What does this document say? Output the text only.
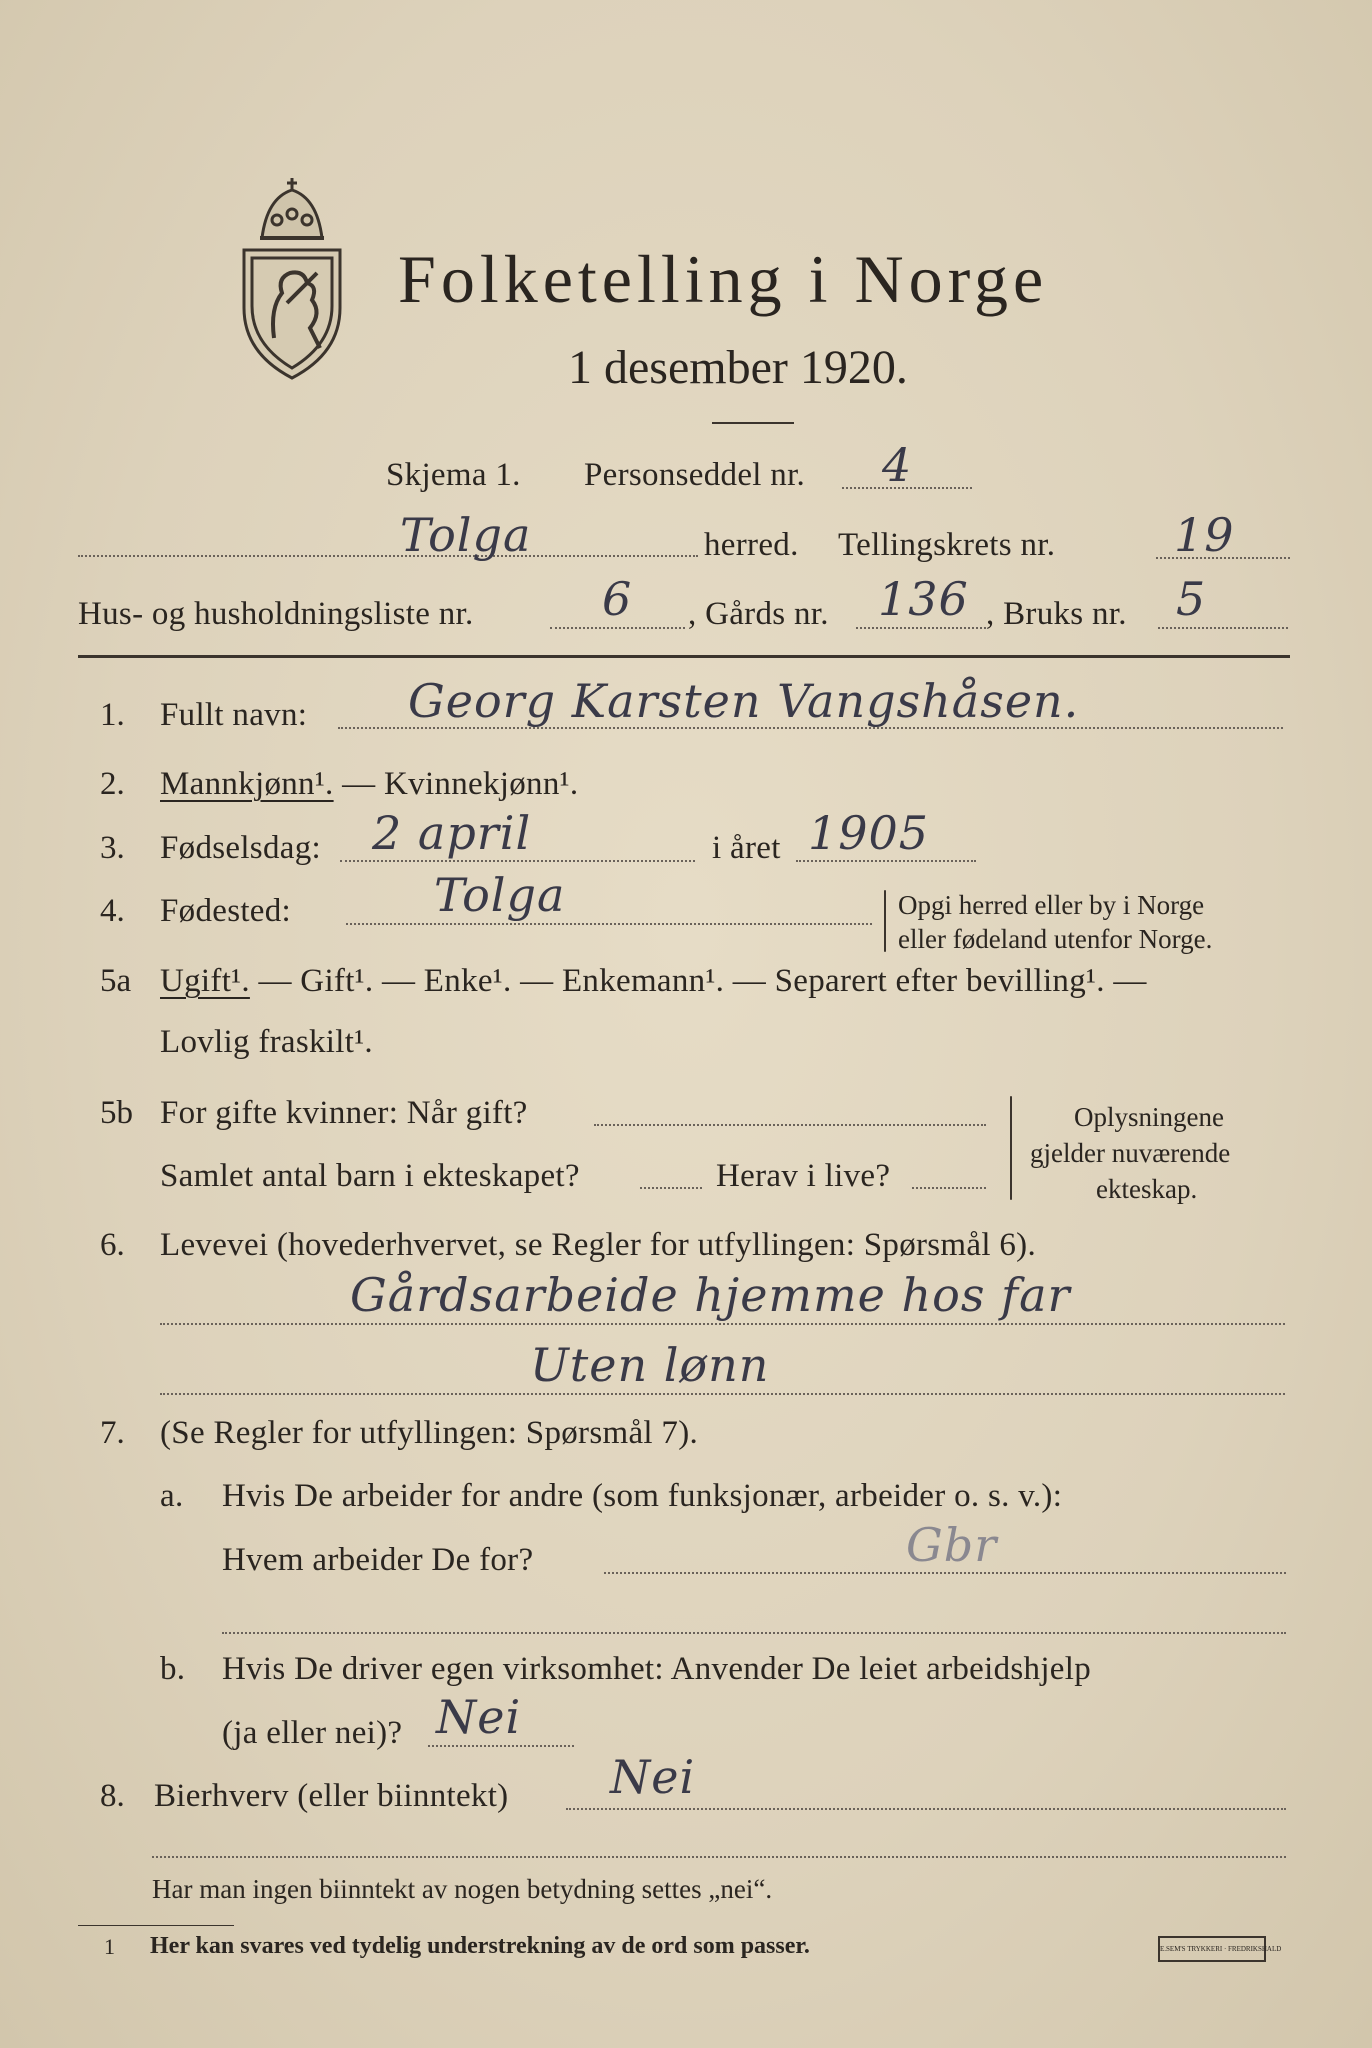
Folketelling i Norge
1 desember 1920.
Skjema 1. Personseddel nr. 4
Tolga	herred. Tellingskrets nr.	19
Hus- og husholdningsliste nr.	6 , Gårds nr. 136 , Bruks nr. 5
1. Fullt navn: Georg Karsten Vangshåsen.
2. Mannkjønn¹. — Kvinnekjønn¹.
3. Fødselsdag: 2 april	i året 1905
4. Fødested:	Tolga	Opgi herred eller by i Norge
eller fødeland utenfor Norge.
5a Ugift¹. — Gift¹. — Enke¹. — Enkemann¹. — Separert efter bevilling¹. —
Lovlig fraskilt¹.
5b For gifte kvinner: Når gift?
Samlet antal barn i ekteskapet?	Herav i live?
Oplysningene
gjelder nuværende
ekteskap.
6. Levevei (hovederhvervet, se Regler for utfyllingen: Spørsmål 6).
Gårdsarbeide hjemme hos far
Uten lønn
7. (Se Regler for utfyllingen: Spørsmål 7).
a. Hvis De arbeider for andre (som funksjonær, arbeider o. s. v.):
Hvem arbeider De for?	Gbr
b. Hvis De driver egen virksomhet: Anvender De leiet arbeidshjelp
(ja eller nei)? Nei
8. Bierhverv (eller biinntekt) Nei
Har man ingen biinntekt av nogen betydning settes „nei“.
1 Her kan svares ved tydelig understrekning av de ord som passer.	E.SEM'S TRYKKERI · FREDRIKSHALD
